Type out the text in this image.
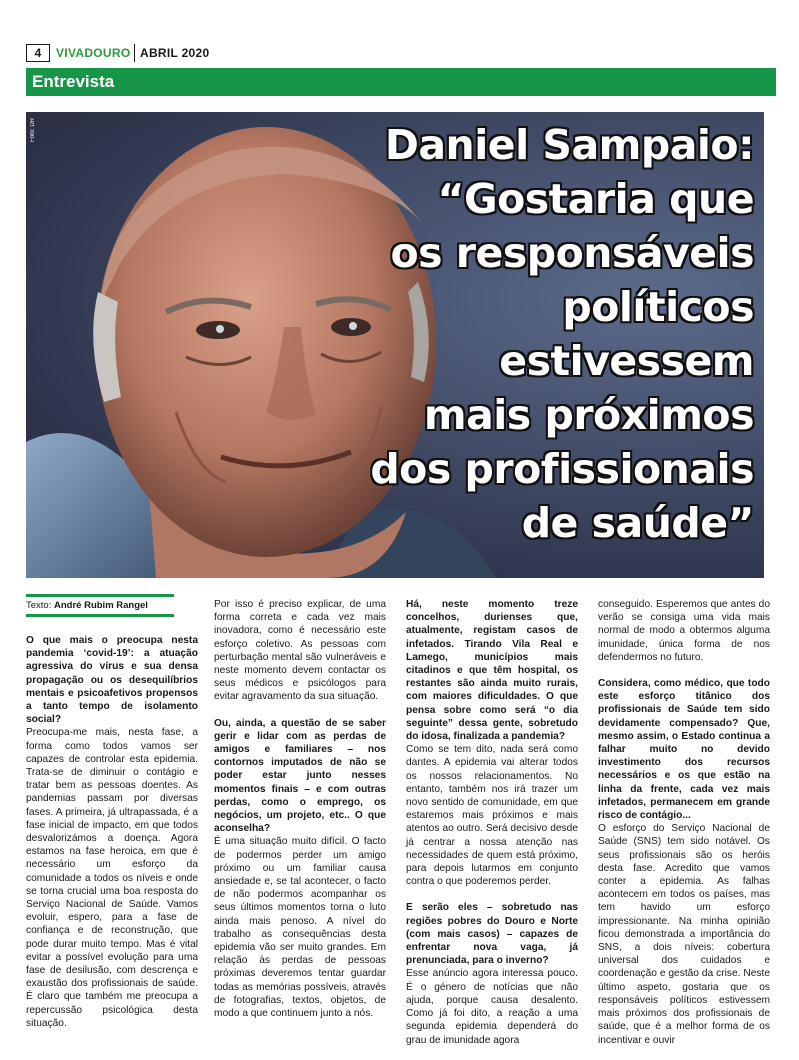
4	VIVADOURO ABRIL 2020
Entrevista
Foto: DR	Daniel Sampaio:
“Gostaria que
os responsáveis
políticos
estivessem
mais próximos
dos profissionais
de saúde”
Texto: André Rubim Rangel

O que mais o preocupa nesta pandemia ‘covid-19’: a atuação agressiva do vírus e sua densa propagação ou os desequilíbrios mentais e psicoafetivos propensos a tanto tempo de isolamento social?

Preocupa-me mais, nesta fase, a forma como todos vamos ser capazes de controlar esta epidemia. Trata-se de diminuir o contágio e tratar bem as pessoas doentes. As pandemias passam por diversas fases. A primeira, já ultrapassada, é a fase inicial de impacto, em que todos desvalorizámos a doença. Agora estamos na fase heroica, em que é necessário um esforço da comunidade a todos os níveis e onde se torna crucial uma boa resposta do Serviço Nacional de Saúde. Vamos evoluir, espero, para a fase de confiança e de reconstrução, que pode durar muito tempo. Mas é vital evitar a possível evolução para uma fase de desilusão, com descrença e exaustão dos profissionais de saúde. É claro que também me preocupa a repercussão psicológica desta situação.

Por isso é preciso explicar, de uma forma correta e cada vez mais inovadora, como é necessário este esforço coletivo. As pessoas com perturbação mental são vulneráveis e neste momento devem contactar os seus médicos e psicólogos para evitar agravamento da sua situação.

Ou, ainda, a questão de se saber gerir e lidar com as perdas de amigos e familiares – nos contornos imputados de não se poder estar junto nesses momentos finais – e com outras perdas, como o emprego, os negócios, um projeto, etc.. O que aconselha?

É uma situação muito difícil. O facto de podermos perder um amigo próximo ou um familiar causa ansiedade e, se tal acontecer, o facto de não podermos acompanhar os seus últimos momentos torna o luto ainda mais penoso. A nível do trabalho as consequências desta epidemia vão ser muito grandes. Em relação às perdas de pessoas próximas deveremos tentar guardar todas as memórias possíveis, através de fotografias, textos, objetos, de modo a que continuem junto a nós.

Há, neste momento treze concelhos, durienses que, atualmente, registam casos de infetados. Tirando Vila Real e Lamego, municípios mais citadinos e que têm hospital, os restantes são ainda muito rurais, com maiores dificuldades. O que pensa sobre como será “o dia seguinte” dessa gente, sobretudo do idosa, finalizada a pandemia?

Como se tem dito, nada será como dantes. A epidemia vai alterar todos os nossos relacionamentos. No entanto, também nos irá trazer um novo sentido de comunidade, em que estaremos mais próximos e mais atentos ao outro. Será decisivo desde já centrar a nossa atenção nas necessidades de quem está próximo, para depois lutarmos em conjunto contra o que poderemos perder.

E serão eles – sobretudo nas regiões pobres do Douro e Norte (com mais casos) – capazes de enfrentar nova vaga, já prenunciada, para o inverno?

Esse anúncio agora interessa pouco. É o género de notícias que não ajuda, porque causa desalento. Como já foi dito, a reação a uma segunda epidemia dependerá do grau de imunidade agora

conseguido. Esperemos que antes do verão se consiga uma vida mais normal de modo a obtermos alguma imunidade, única forma de nos defendermos no futuro.

Considera, como médico, que todo este esforço titânico dos profissionais de Saúde tem sido devidamente compensado? Que, mesmo assim, o Estado continua a falhar muito no devido investimento dos recursos necessários e os que estão na linha da frente, cada vez mais infetados, permanecem em grande risco de contágio...

O esforço do Serviço Nacional de Saúde (SNS) tem sido notável. Os seus profissionais são os heróis desta fase. Acredito que vamos conter a epidemia. As falhas acontecem em todos os países, mas tem havido um esforço impressionante. Na minha opinião ficou demonstrada a importância do SNS, a dois níveis: cobertura universal dos cuidados e coordenação e gestão da crise. Neste último aspeto, gostaria que os responsáveis políticos estivessem mais próximos dos profissionais de saúde, que é a melhor forma de os incentivar e ouvir
